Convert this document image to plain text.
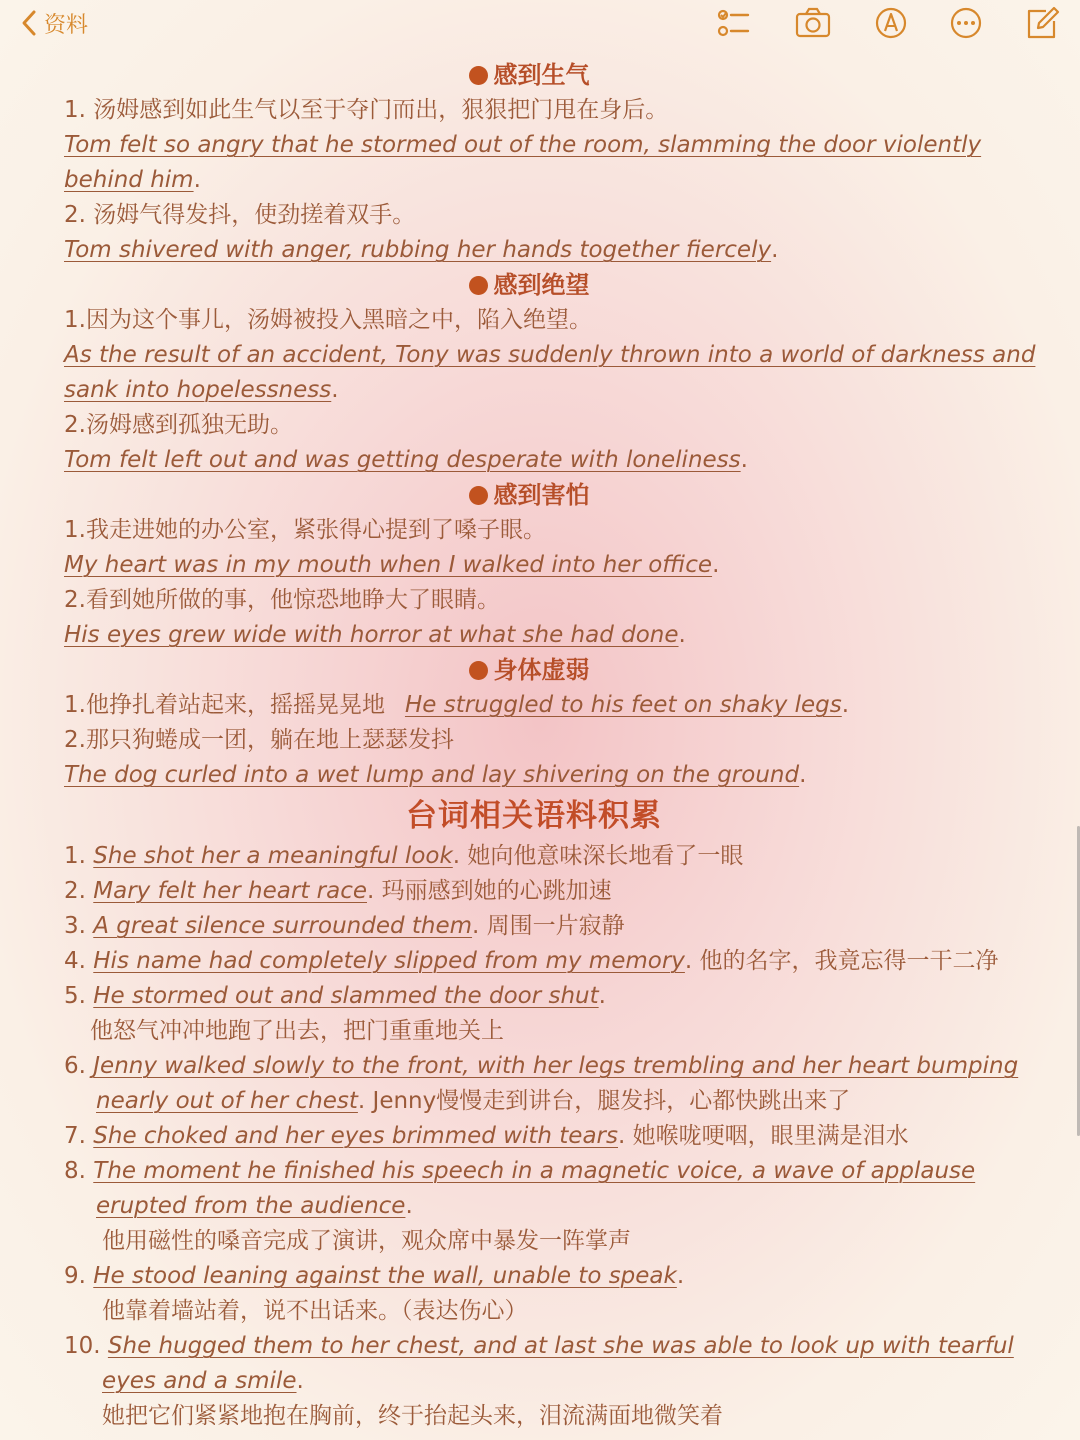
资料
感到生气
1. 汤姆感到如此生气以至于夺门而出，狠狠把门甩在身后。
Tom felt so angry that he stormed out of the room, slamming the door violently
behind him.
2. 汤姆气得发抖，使劲搓着双手。
Tom shivered with anger, rubbing her hands together fiercely.
感到绝望
1.因为这个事儿，汤姆被投入黑暗之中，陷入绝望。
As the result of an accident, Tony was suddenly thrown into a world of darkness and
sank into hopelessness.
2.汤姆感到孤独无助。
Tom felt left out and was getting desperate with loneliness.
感到害怕
1.我走进她的办公室，紧张得心提到了嗓子眼。
My heart was in my mouth when I walked into her office.
2.看到她所做的事，他惊恐地睁大了眼睛。
His eyes grew wide with horror at what she had done.
身体虚弱
1.他挣扎着站起来，摇摇晃晃地 He struggled to his feet on shaky legs.
2.那只狗蜷成一团，躺在地上瑟瑟发抖
The dog curled into a wet lump and lay shivering on the ground.
台词相关语料积累
1. She shot her a meaningful look. 她向他意味深长地看了一眼
2. Mary felt her heart race. 玛丽感到她的心跳加速
3. A great silence surrounded them. 周围一片寂静
4. His name had completely slipped from my memory. 他的名字，我竟忘得一干二净
5. He stormed out and slammed the door shut.
他怒气冲冲地跑了出去，把门重重地关上
6. Jenny walked slowly to the front, with her legs trembling and her heart bumping
nearly out of her chest. Jenny慢慢走到讲台，腿发抖，心都快跳出来了
7. She choked and her eyes brimmed with tears. 她喉咙哽咽，眼里满是泪水
8. The moment he finished his speech in a magnetic voice, a wave of applause
erupted from the audience.
他用磁性的嗓音完成了演讲，观众席中暴发一阵掌声
9. He stood leaning against the wall, unable to speak.
他靠着墙站着，说不出话来。（表达伤心）
10. She hugged them to her chest, and at last she was able to look up with tearful
eyes and a smile.
她把它们紧紧地抱在胸前，终于抬起头来，泪流满面地微笑着
